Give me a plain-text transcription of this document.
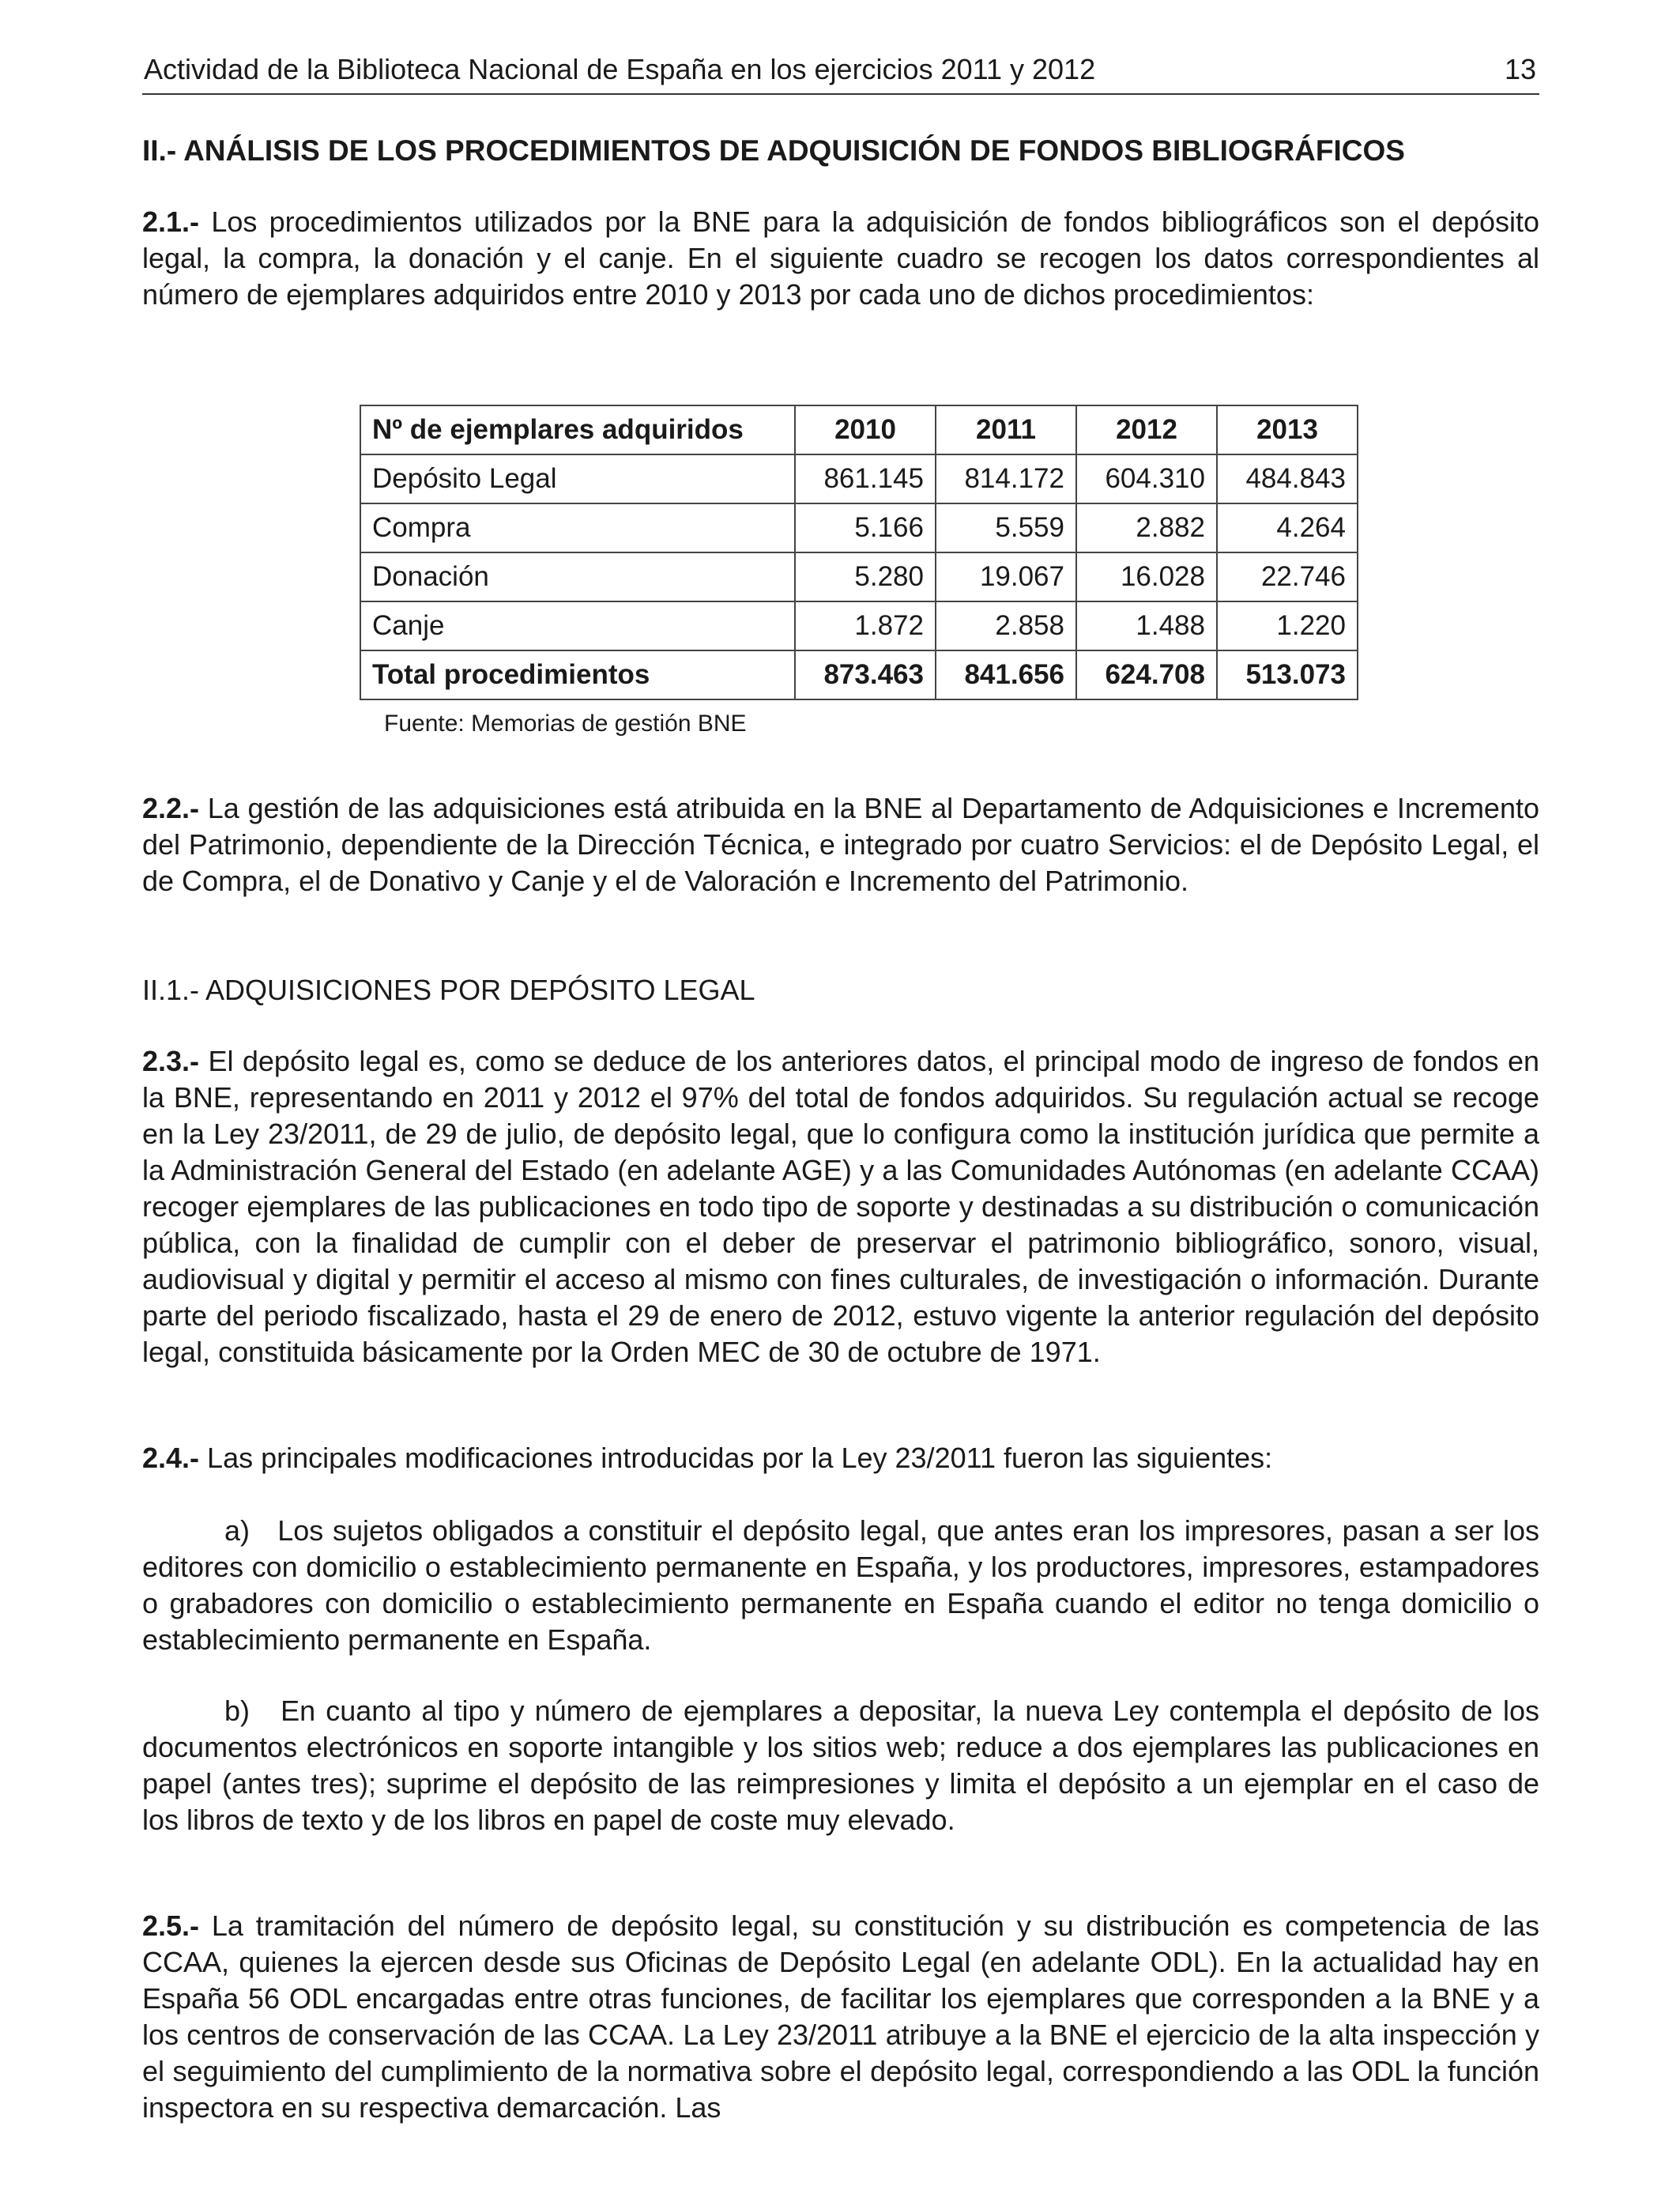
Actividad de la Biblioteca Nacional de España en los ejercicios 2011 y 2012	13
II.- ANÁLISIS DE LOS PROCEDIMIENTOS DE ADQUISICIÓN DE FONDOS BIBLIOGRÁFICOS
2.1.- Los procedimientos utilizados por la BNE para la adquisición de fondos bibliográficos son el depósito legal, la compra, la donación y el canje. En el siguiente cuadro se recogen los datos correspondientes al número de ejemplares adquiridos entre 2010 y 2013 por cada uno de dichos procedimientos:
Nº de ejemplares adquiridos	2010	2011	2012	2013
Depósito Legal	861.145	814.172	604.310	484.843
Compra	5.166	5.559	2.882	4.264
Donación	5.280	19.067	16.028	22.746
Canje	1.872	2.858	1.488	1.220
Total procedimientos	873.463	841.656	624.708	513.073
Fuente: Memorias de gestión BNE
2.2.- La gestión de las adquisiciones está atribuida en la BNE al Departamento de Adquisiciones e Incremento del Patrimonio, dependiente de la Dirección Técnica, e integrado por cuatro Servicios: el de Depósito Legal, el de Compra, el de Donativo y Canje y el de Valoración e Incremento del Patrimonio.
II.1.- ADQUISICIONES POR DEPÓSITO LEGAL
2.3.- El depósito legal es, como se deduce de los anteriores datos, el principal modo de ingreso de fondos en la BNE, representando en 2011 y 2012 el 97% del total de fondos adquiridos. Su regulación actual se recoge en la Ley 23/2011, de 29 de julio, de depósito legal, que lo configura como la institución jurídica que permite a la Administración General del Estado (en adelante AGE) y a las Comunidades Autónomas (en adelante CCAA) recoger ejemplares de las publicaciones en todo tipo de soporte y destinadas a su distribución o comunicación pública, con la finalidad de cumplir con el deber de preservar el patrimonio bibliográfico, sonoro, visual, audiovisual y digital y permitir el acceso al mismo con fines culturales, de investigación o información. Durante parte del periodo fiscalizado, hasta el 29 de enero de 2012, estuvo vigente la anterior regulación del depósito legal, constituida básicamente por la Orden MEC de 30 de octubre de 1971.
2.4.- Las principales modificaciones introducidas por la Ley 23/2011 fueron las siguientes:
a) Los sujetos obligados a constituir el depósito legal, que antes eran los impresores, pasan a ser los editores con domicilio o establecimiento permanente en España, y los productores, impresores, estampadores o grabadores con domicilio o establecimiento permanente en España cuando el editor no tenga domicilio o establecimiento permanente en España.
b) En cuanto al tipo y número de ejemplares a depositar, la nueva Ley contempla el depósito de los documentos electrónicos en soporte intangible y los sitios web; reduce a dos ejemplares las publicaciones en papel (antes tres); suprime el depósito de las reimpresiones y limita el depósito a un ejemplar en el caso de los libros de texto y de los libros en papel de coste muy elevado.
2.5.- La tramitación del número de depósito legal, su constitución y su distribución es competencia de las CCAA, quienes la ejercen desde sus Oficinas de Depósito Legal (en adelante ODL). En la actualidad hay en España 56 ODL encargadas entre otras funciones, de facilitar los ejemplares que corresponden a la BNE y a los centros de conservación de las CCAA. La Ley 23/2011 atribuye a la BNE el ejercicio de la alta inspección y el seguimiento del cumplimiento de la normativa sobre el depósito legal, correspondiendo a las ODL la función inspectora en su respectiva demarcación. Las
